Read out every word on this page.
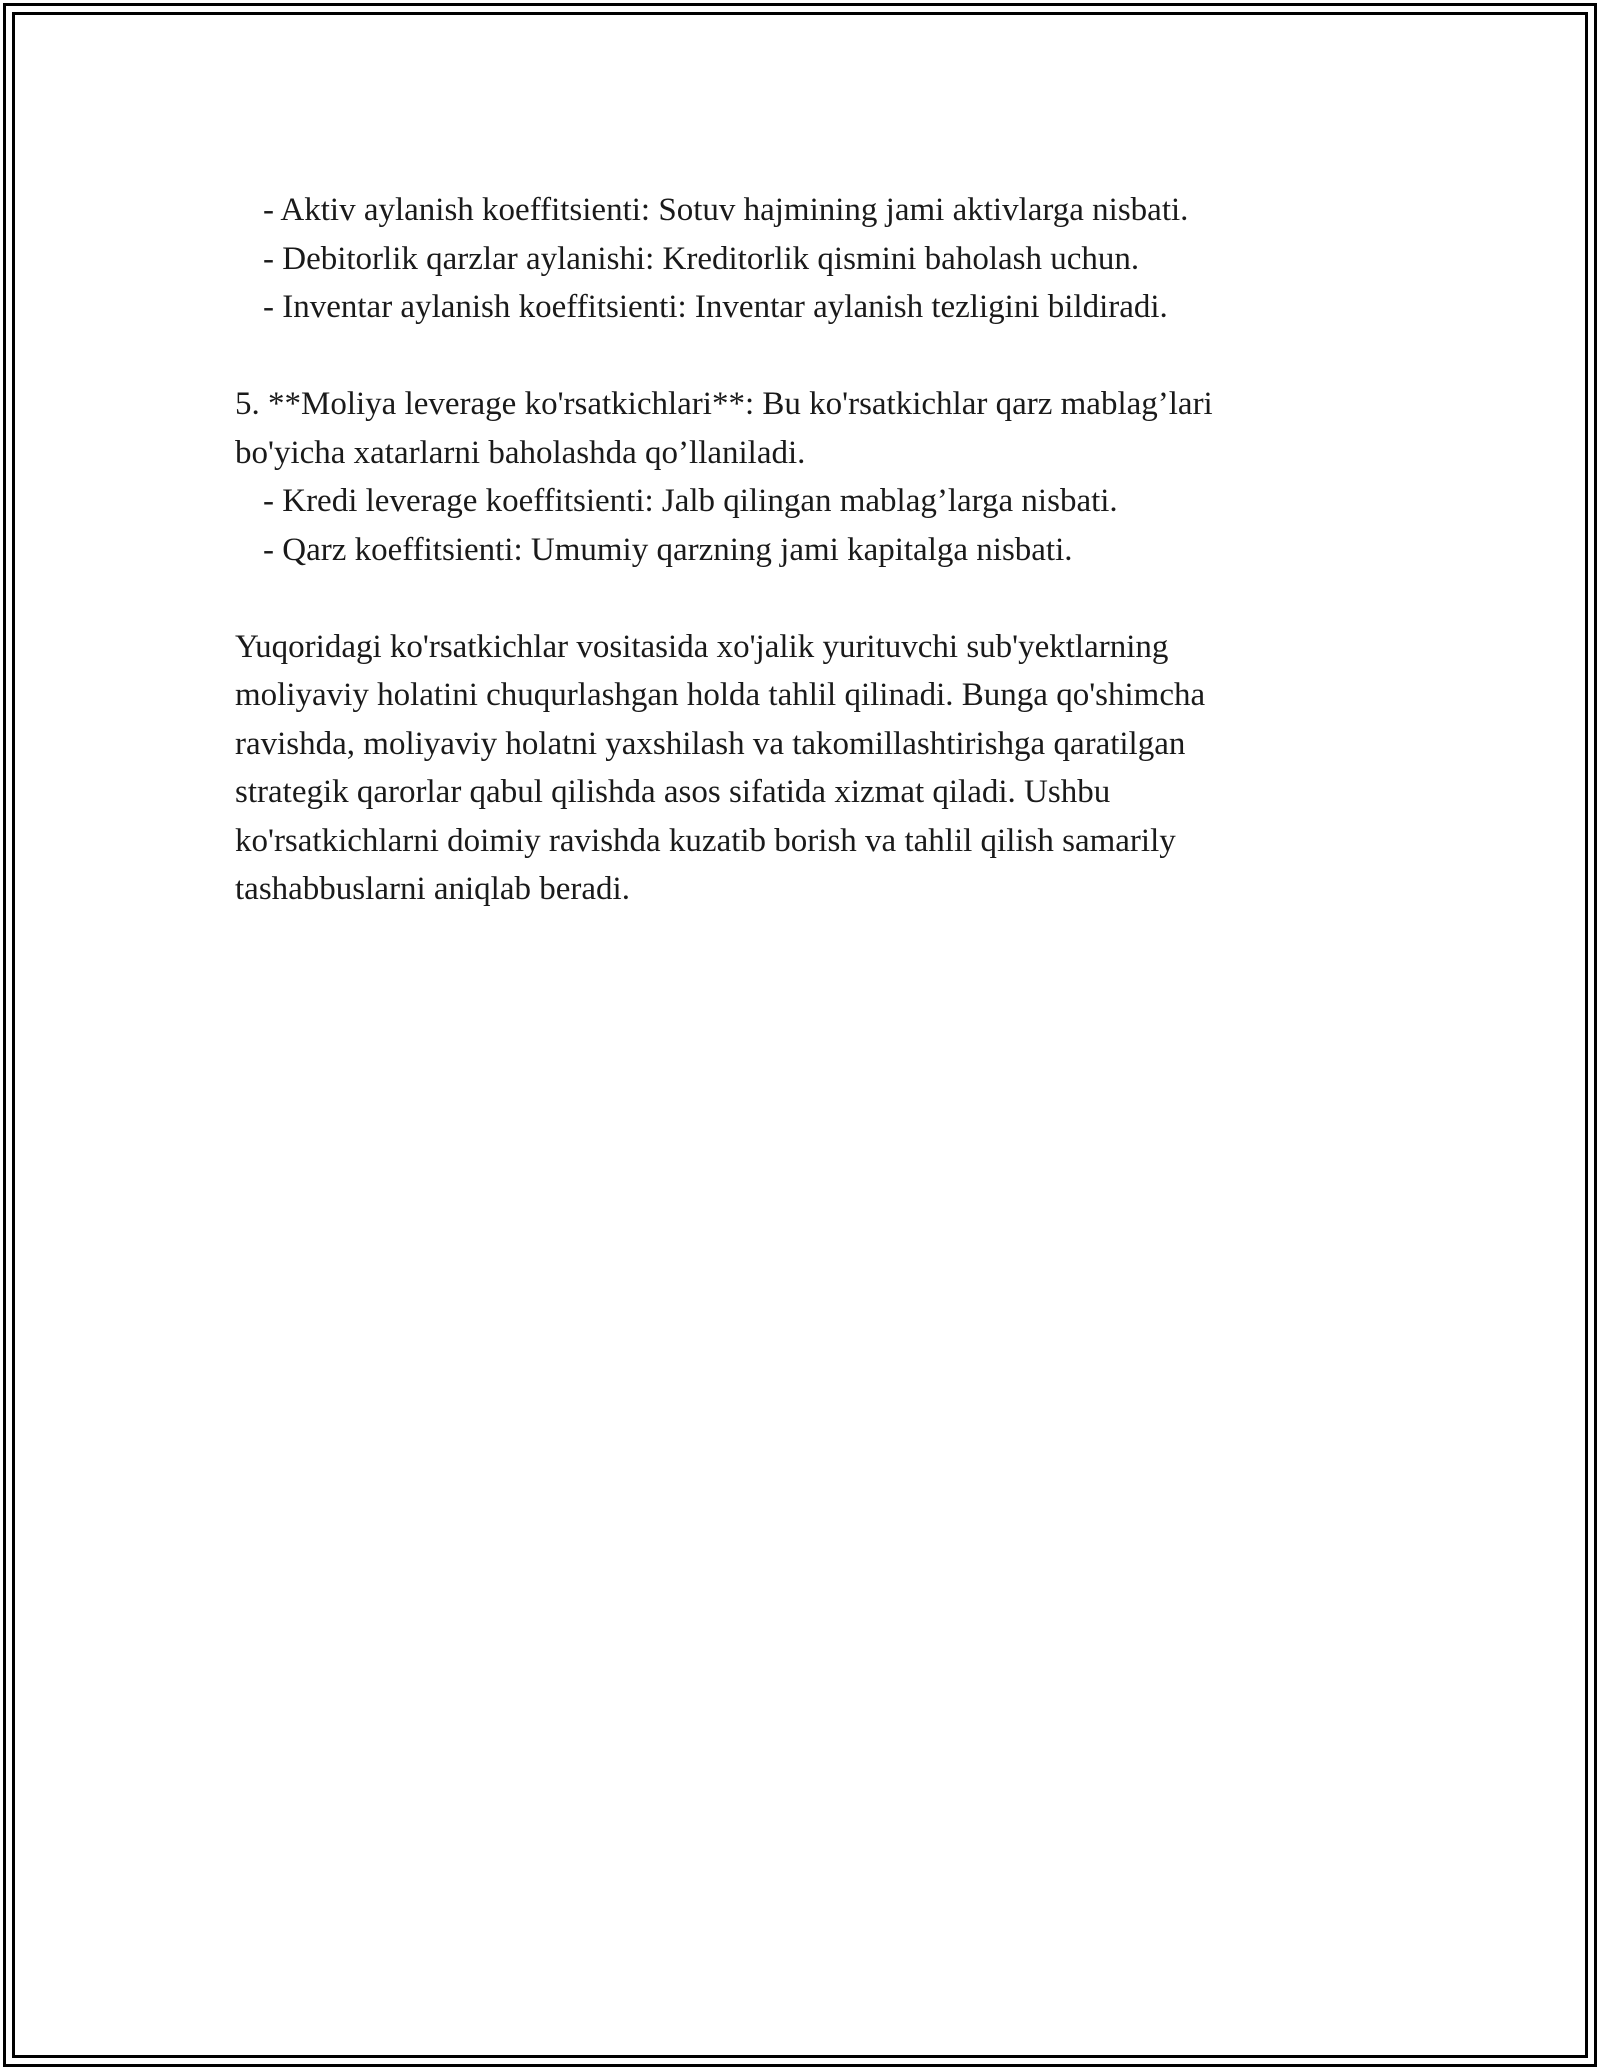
- Aktiv aylanish koeffitsienti: Sotuv hajmining jami aktivlarga nisbati.

- Debitorlik qarzlar aylanishi: Kreditorlik qismini baholash uchun.

- Inventar aylanish koeffitsienti: Inventar aylanish tezligini bildiradi.

5. **Moliya leverage ko'rsatkichlari**: Bu ko'rsatkichlar qarz mablag’lari

bo'yicha xatarlarni baholashda qo’llaniladi.

- Kredi leverage koeffitsienti: Jalb qilingan mablag’larga nisbati.

- Qarz koeffitsienti: Umumiy qarzning jami kapitalga nisbati.

Yuqoridagi ko'rsatkichlar vositasida xo'jalik yurituvchi sub'yektlarning

moliyaviy holatini chuqurlashgan holda tahlil qilinadi. Bunga qo'shimcha

ravishda, moliyaviy holatni yaxshilash va takomillashtirishga qaratilgan

strategik qarorlar qabul qilishda asos sifatida xizmat qiladi. Ushbu

ko'rsatkichlarni doimiy ravishda kuzatib borish va tahlil qilish samarily

tashabbuslarni aniqlab beradi.
